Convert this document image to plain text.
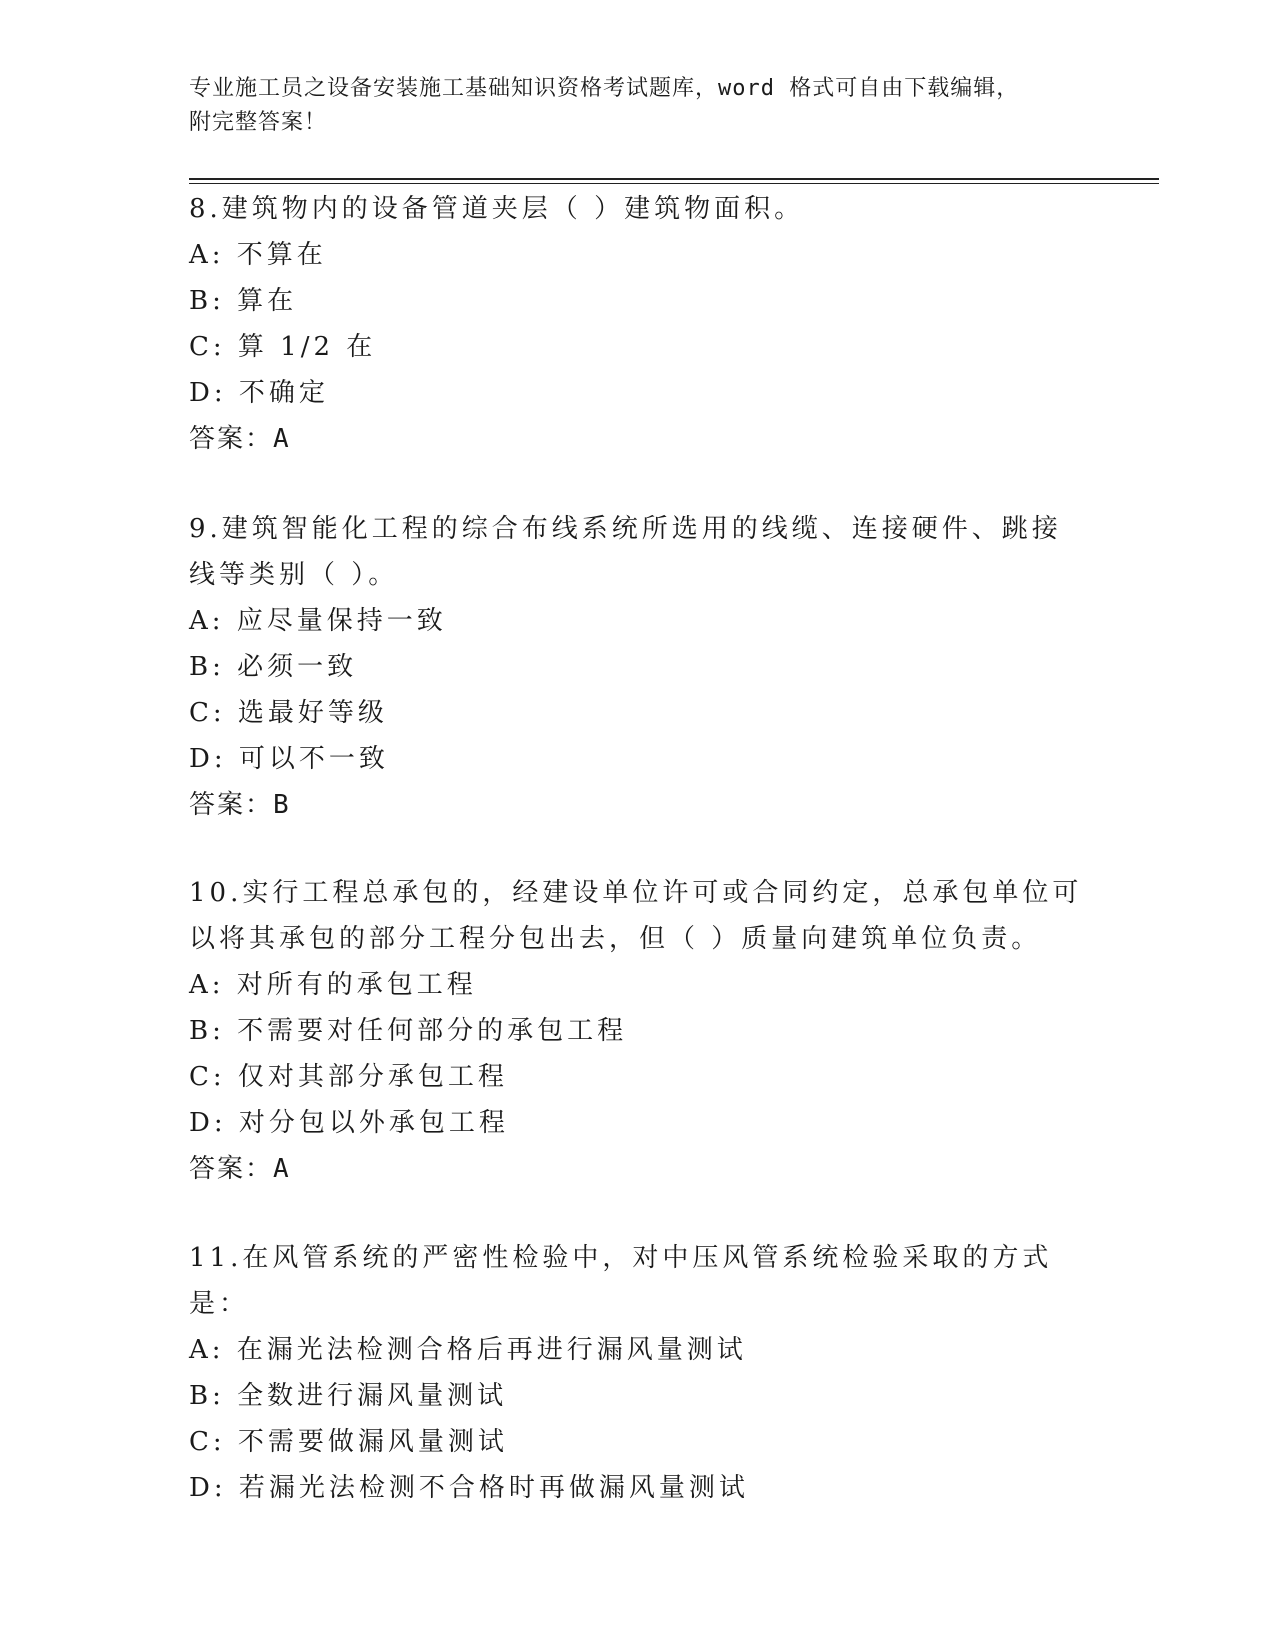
专业施工员之设备安装施工基础知识资格考试题库，word 格式可自由下载编辑，
附完整答案！
8.建筑物内的设备管道夹层（ ）建筑物面积。
A: 不算在
B: 算在
C: 算 1/2 在
D: 不确定
答案：A
9.建筑智能化工程的综合布线系统所选用的线缆、连接硬件、跳接线等类别（ ）。
A: 应尽量保持一致
B: 必须一致
C: 选最好等级
D: 可以不一致
答案：B
10.实行工程总承包的，经建设单位许可或合同约定，总承包单位可以将其承包的部分工程分包出去，但（ ）质量向建筑单位负责。
A: 对所有的承包工程
B: 不需要对任何部分的承包工程
C: 仅对其部分承包工程
D: 对分包以外承包工程
答案：A
11.在风管系统的严密性检验中，对中压风管系统检验采取的方式是：
A: 在漏光法检测合格后再进行漏风量测试
B: 全数进行漏风量测试
C: 不需要做漏风量测试
D: 若漏光法检测不合格时再做漏风量测试
